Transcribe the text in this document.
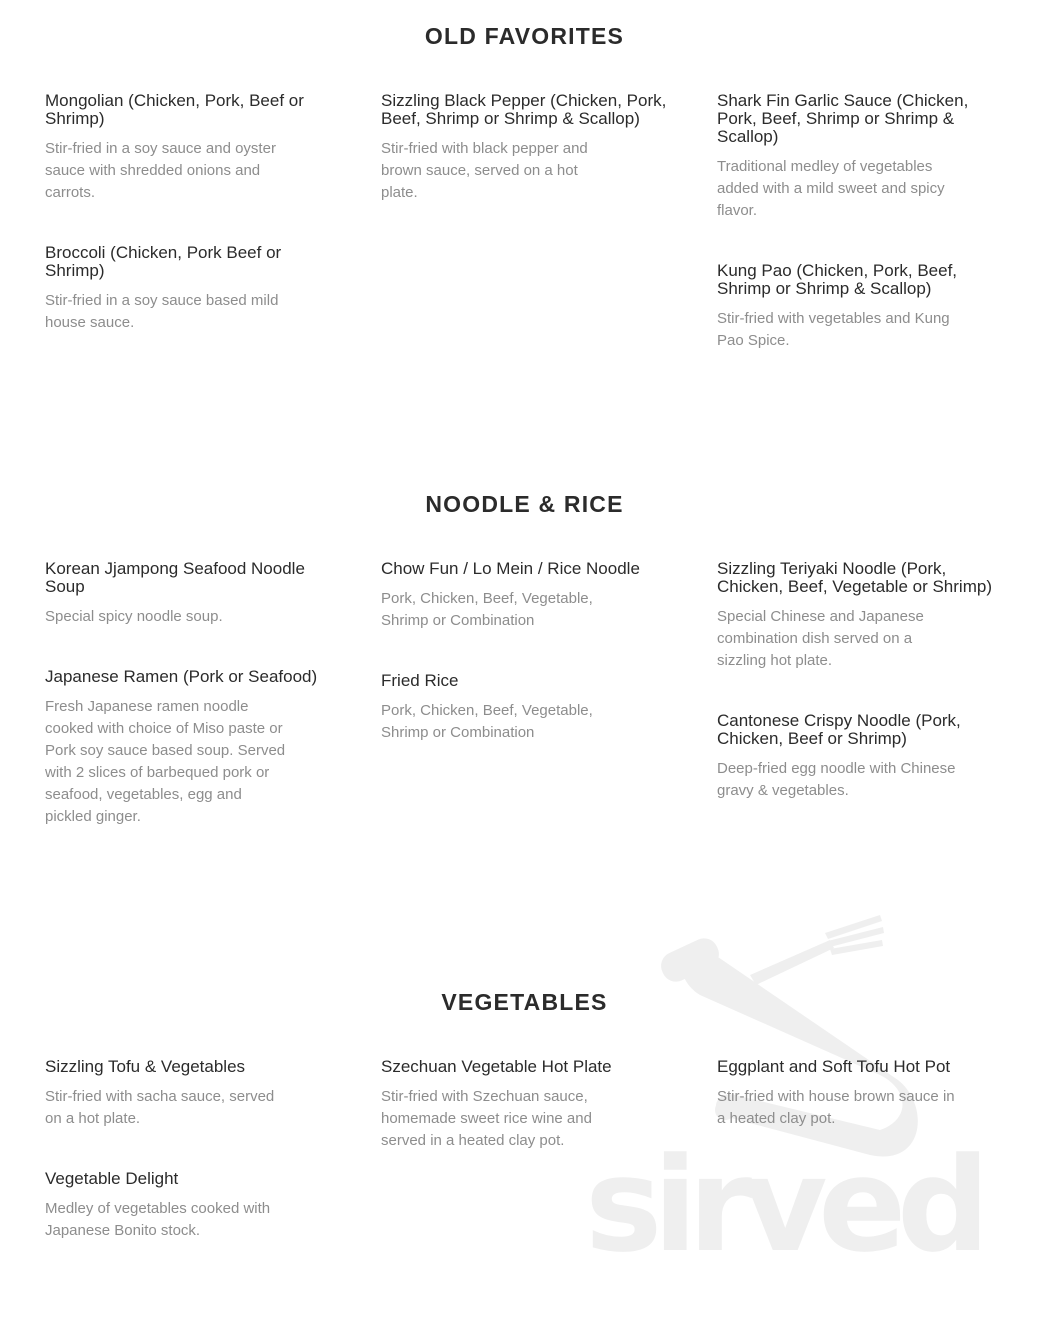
sirved
OLD FAVORITES

Mongolian (Chicken, Pork, Beef or Shrimp)

Stir-fried in a soy sauce and oyster sauce with shredded onions and carrots.

Broccoli (Chicken, Pork Beef or Shrimp)

Stir-fried in a soy sauce based mild house sauce.

Sizzling Black Pepper (Chicken, Pork, Beef, Shrimp or Shrimp & Scallop)

Stir-fried with black pepper and brown sauce, served on a hot plate.

Shark Fin Garlic Sauce (Chicken, Pork, Beef, Shrimp or Shrimp & Scallop)

Traditional medley of vegetables added with a mild sweet and spicy flavor.

Kung Pao (Chicken, Pork, Beef, Shrimp or Shrimp & Scallop)

Stir-fried with vegetables and Kung Pao Spice.

NOODLE & RICE

Korean Jjampong Seafood Noodle Soup

Special spicy noodle soup.

Japanese Ramen (Pork or Seafood)

Fresh Japanese ramen noodle cooked with choice of Miso paste or Pork soy sauce based soup. Served with 2 slices of barbequed pork or seafood, vegetables, egg and pickled ginger.

Chow Fun / Lo Mein / Rice Noodle

Pork, Chicken, Beef, Vegetable, Shrimp or Combination

Fried Rice

Pork, Chicken, Beef, Vegetable, Shrimp or Combination

Sizzling Teriyaki Noodle (Pork, Chicken, Beef, Vegetable or Shrimp)

Special Chinese and Japanese combination dish served on a sizzling hot plate.

Cantonese Crispy Noodle (Pork, Chicken, Beef or Shrimp)

Deep-fried egg noodle with Chinese gravy & vegetables.

VEGETABLES

Sizzling Tofu & Vegetables

Stir-fried with sacha sauce, served on a hot plate.

Vegetable Delight

Medley of vegetables cooked with Japanese Bonito stock.

Szechuan Vegetable Hot Plate

Stir-fried with Szechuan sauce, homemade sweet rice wine and served in a heated clay pot.

Eggplant and Soft Tofu Hot Pot

Stir-fried with house brown sauce in a heated clay pot.
